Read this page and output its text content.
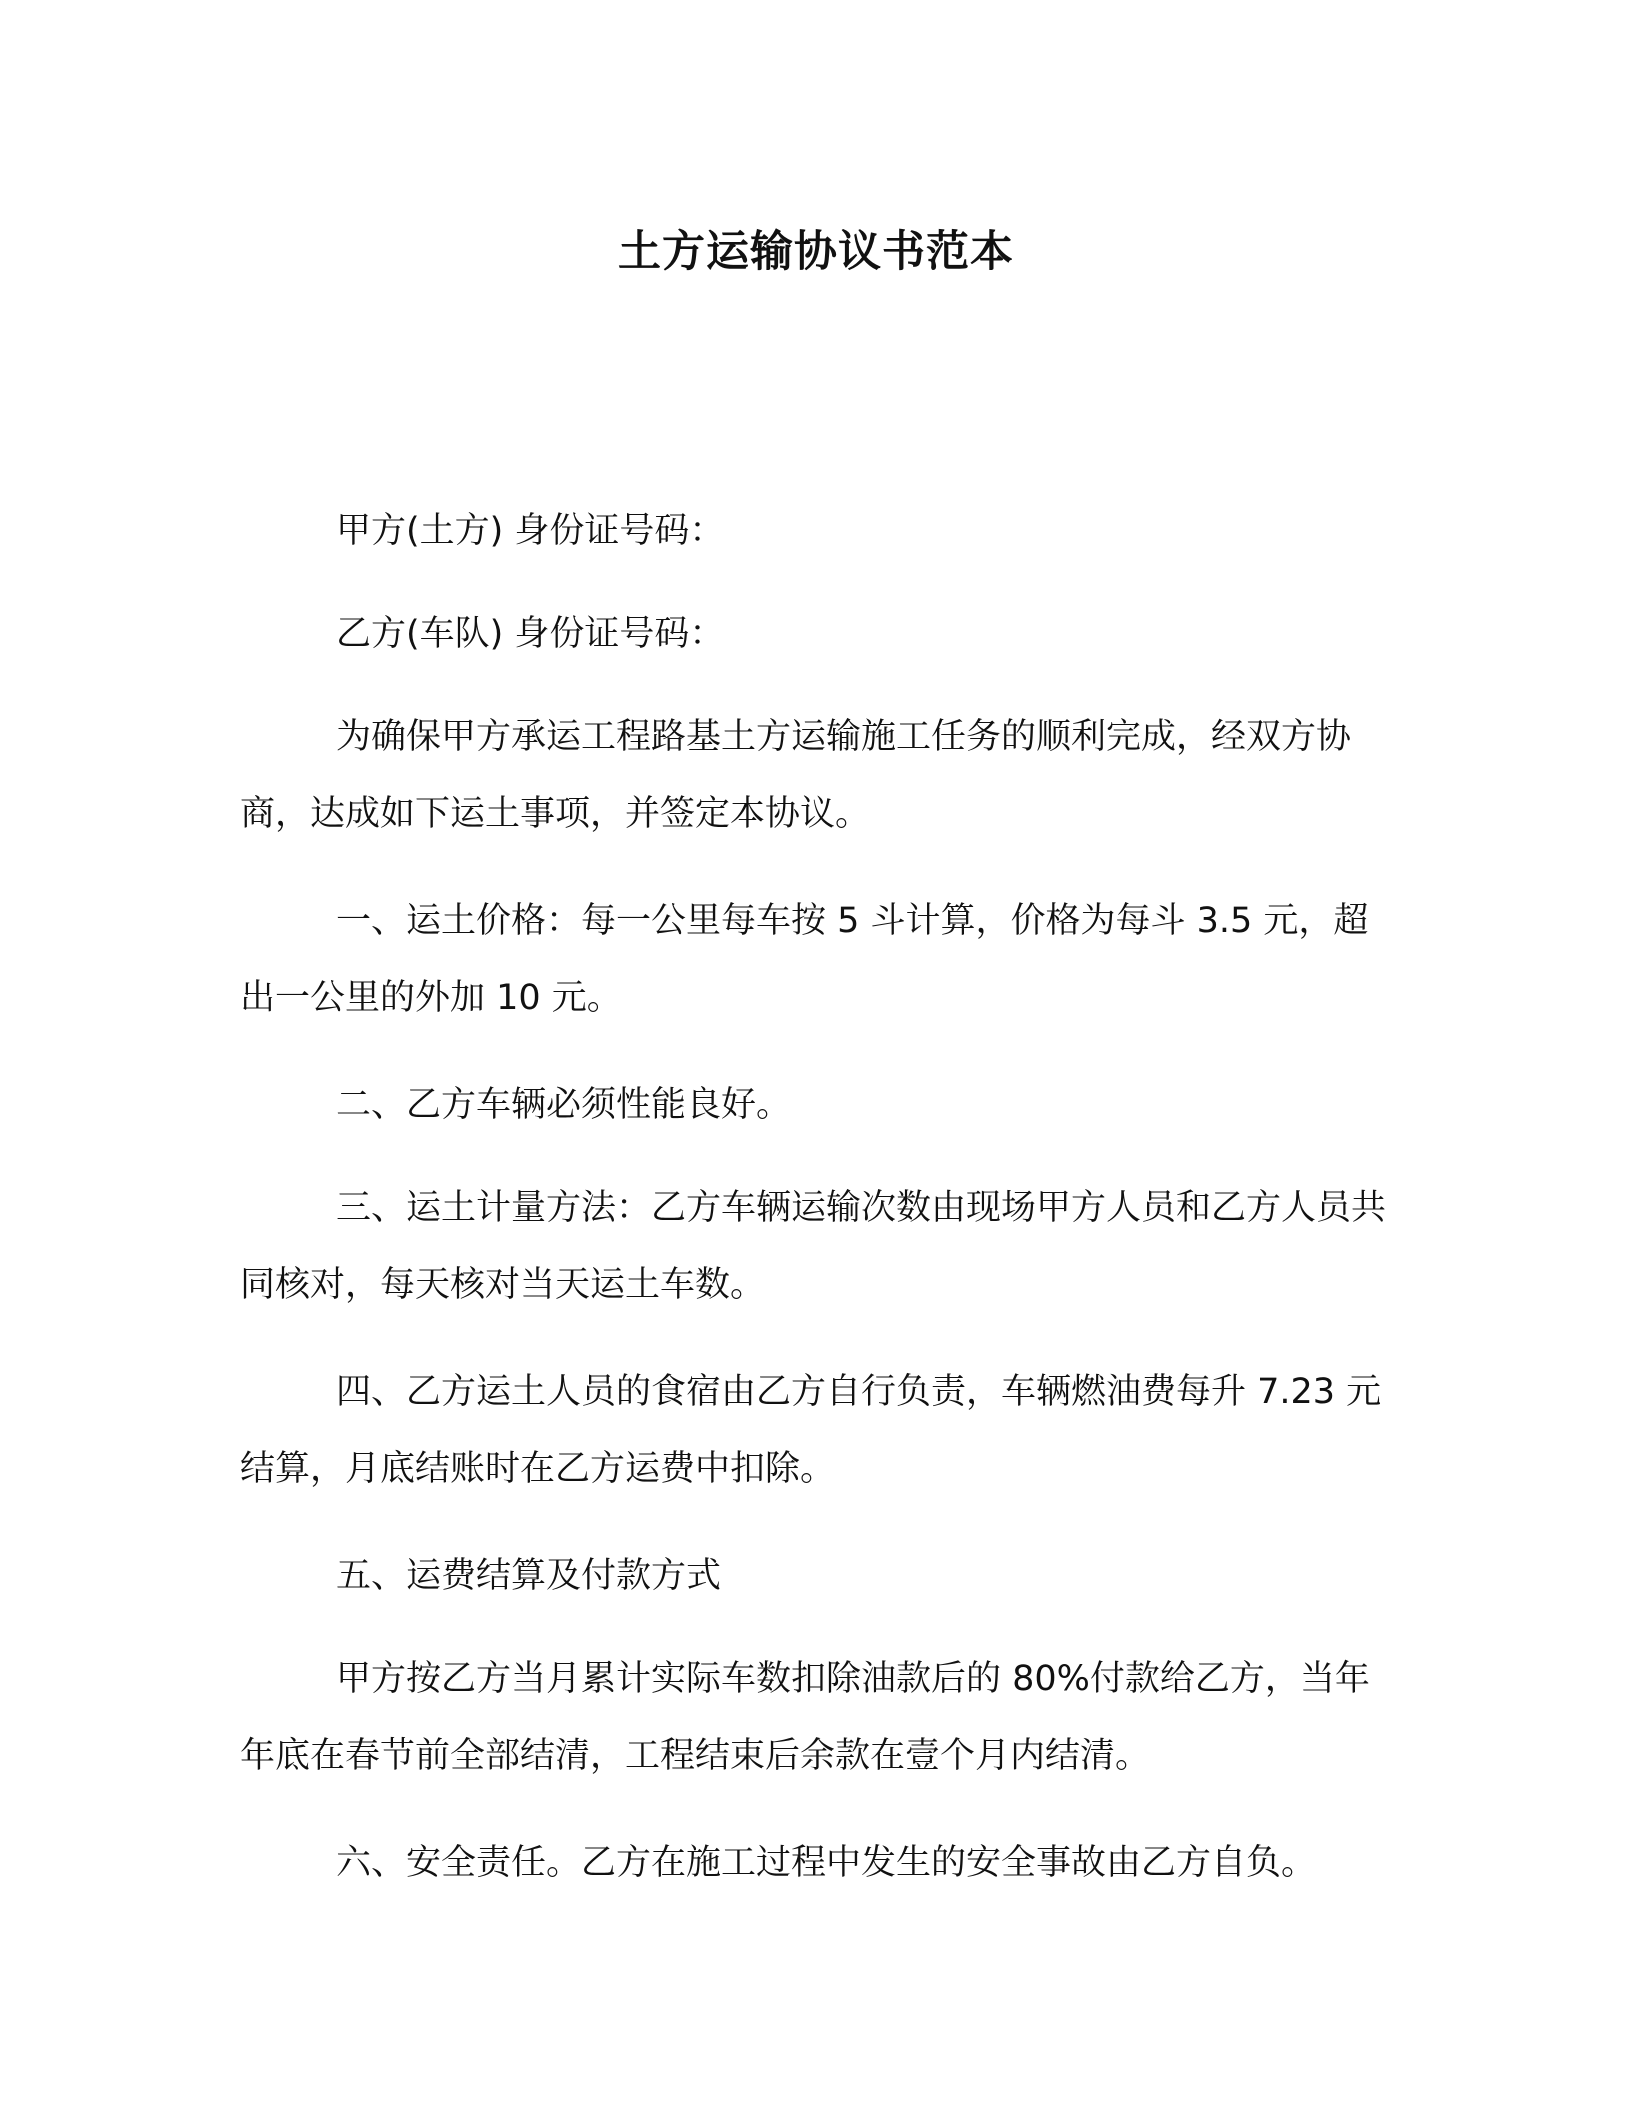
土方运输协议书范本

甲方(土方) 身份证号码：

乙方(车队) 身份证号码：

为确保甲方承运工程路基土方运输施工任务的顺利完成，经双方协商，达成如下运土事项，并签定本协议。

一、运土价格：每一公里每车按 5 斗计算，价格为每斗 3.5 元，超出一公里的外加 10 元。

二、乙方车辆必须性能良好。

三、运土计量方法：乙方车辆运输次数由现场甲方人员和乙方人员共同核对，每天核对当天运土车数。

四、乙方运土人员的食宿由乙方自行负责，车辆燃油费每升 7.23 元结算，月底结账时在乙方运费中扣除。

五、运费结算及付款方式

甲方按乙方当月累计实际车数扣除油款后的 80%付款给乙方，当年年底在春节前全部结清，工程结束后余款在壹个月内结清。

六、安全责任。乙方在施工过程中发生的安全事故由乙方自负。
